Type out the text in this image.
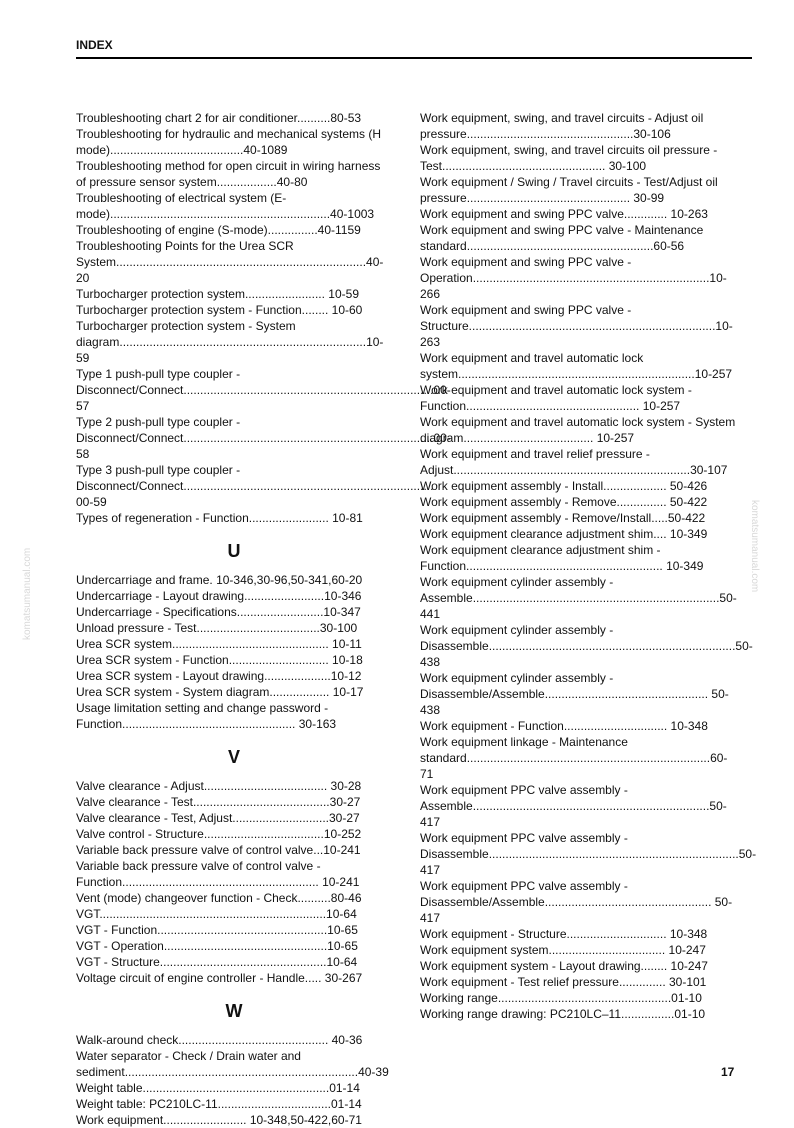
INDEX
Troubleshooting chart 2 for air conditioner..........80-53
Troubleshooting for hydraulic and mechanical systems (H mode)........................................40-1089
Troubleshooting method for open circuit in wiring harness of pressure sensor system..................40-80
Troubleshooting of electrical system (E-mode)..................................................................40-1003
Troubleshooting of engine (S-mode)...............40-1159
Troubleshooting Points for the Urea SCR System...........................................................................40-20
Turbocharger protection system........................ 10-59
Turbocharger protection system - Function........ 10-60
Turbocharger protection system - System diagram..........................................................................10-59
Type 1 push-pull type coupler - Disconnect/Connect...........................................................................00-57
Type 2 push-pull type coupler - Disconnect/Connect...........................................................................00-58
Type 3 push-pull type coupler - Disconnect/Connect........................................................................... 00-59
Types of regeneration - Function........................ 10-81
U
Undercarriage and frame. 10-346,30-96,50-341,60-20
Undercarriage - Layout drawing........................10-346
Undercarriage - Specifications..........................10-347
Unload pressure - Test.....................................30-100
Urea SCR system............................................... 10-11
Urea SCR system - Function.............................. 10-18
Urea SCR system - Layout drawing....................10-12
Urea SCR system - System diagram.................. 10-17
Usage limitation setting and change password - Function.................................................... 30-163
V
Valve clearance - Adjust..................................... 30-28
Valve clearance - Test.........................................30-27
Valve clearance - Test, Adjust.............................30-27
Valve control - Structure....................................10-252
Variable back pressure valve of control valve...10-241
Variable back pressure valve of control valve - Function........................................................... 10-241
Vent (mode) changeover function - Check..........80-46
VGT....................................................................10-64
VGT - Function...................................................10-65
VGT - Operation.................................................10-65
VGT - Structure..................................................10-64
Voltage circuit of engine controller - Handle..... 30-267
W
Walk-around check............................................. 40-36
Water separator - Check / Drain water and sediment......................................................................40-39
Weight table........................................................01-14
Weight table: PC210LC-11..................................01-14
Work equipment......................... 10-348,50-422,60-71
Work equipment, swing, and travel circuits - Adjust oil pressure..................................................30-106
Work equipment, swing, and travel circuits oil pressure - Test................................................. 30-100
Work equipment / Swing / Travel circuits - Test/Adjust oil pressure................................................. 30-99
Work equipment and swing PPC valve............. 10-263
Work equipment and swing PPC valve - Maintenance standard........................................................60-56
Work equipment and swing PPC valve - Operation.......................................................................10-266
Work equipment and swing PPC valve - Structure..........................................................................10-263
Work equipment and travel automatic lock system.......................................................................10-257
Work equipment and travel automatic lock system - Function.................................................... 10-257
Work equipment and travel automatic lock system - System diagram....................................... 10-257
Work equipment and travel relief pressure - Adjust.......................................................................30-107
Work equipment assembly - Install................... 50-426
Work equipment assembly - Remove............... 50-422
Work equipment assembly - Remove/Install.....50-422
Work equipment clearance adjustment shim.... 10-349
Work equipment clearance adjustment shim - Function........................................................... 10-349
Work equipment cylinder assembly - Assemble..........................................................................50-441
Work equipment cylinder assembly - Disassemble..........................................................................50-438
Work equipment cylinder assembly - Disassemble/Assemble................................................. 50-438
Work equipment - Function............................... 10-348
Work equipment linkage - Maintenance standard.........................................................................60-71
Work equipment PPC valve assembly - Assemble.......................................................................50-417
Work equipment PPC valve assembly - Disassemble...........................................................................50-417
Work equipment PPC valve assembly - Disassemble/Assemble.................................................. 50-417
Work equipment - Structure.............................. 10-348
Work equipment system................................... 10-247
Work equipment system - Layout drawing........ 10-247
Work equipment - Test relief pressure.............. 30-101
Working range....................................................01-10
Working range drawing: PC210LC–11................01-10
17
komatsumanual.com
komatsumanual.com
